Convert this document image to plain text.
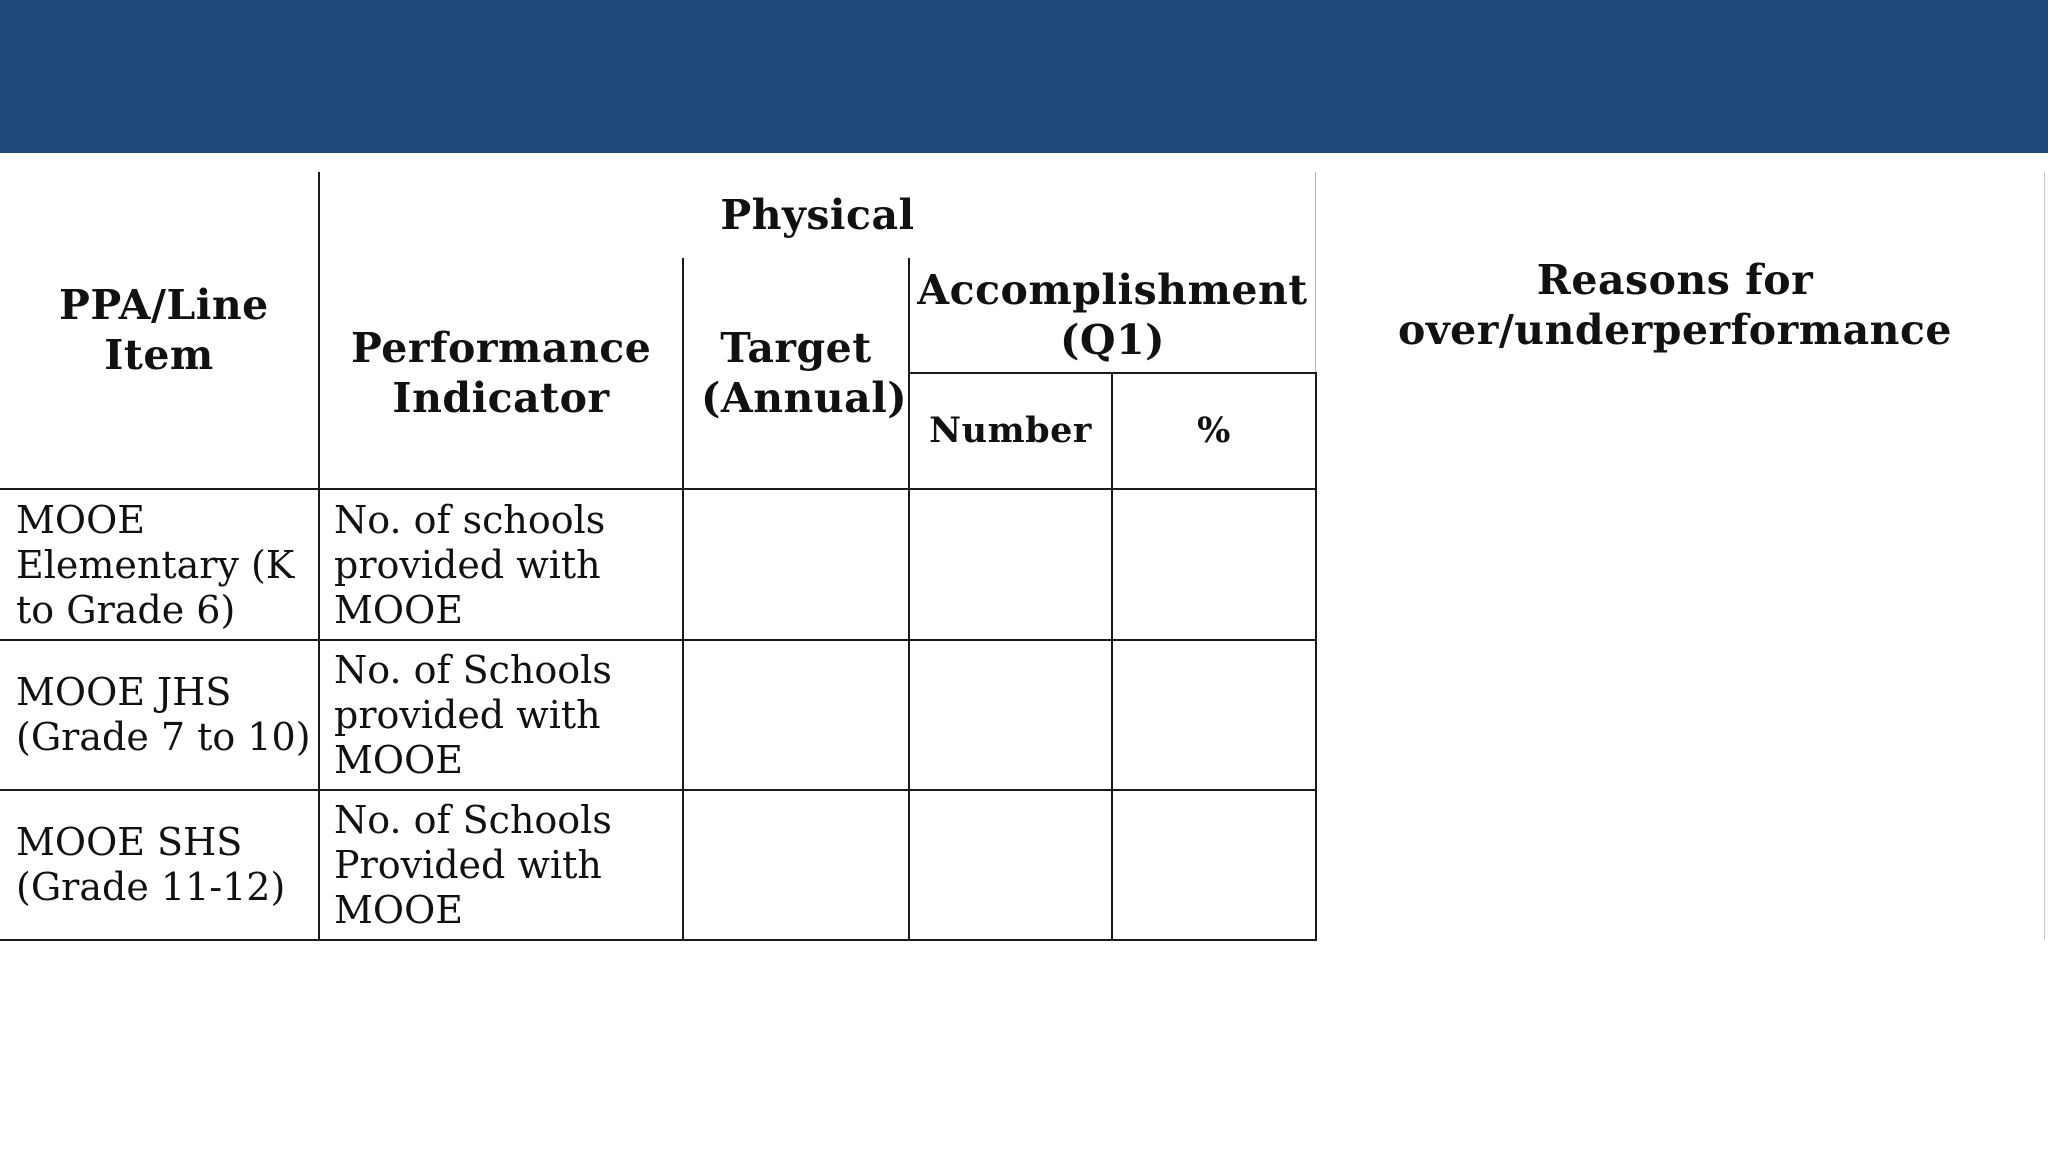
PPA/Line Item
Physical
Performance Indicator
Target (Annual)
Accomplishment (Q1)
Number	%
Reasons for over/underperformance
MOOE
Elementary (K
to Grade 6)
No. of schools
provided with
MOOE
MOOE JHS
(Grade 7 to 10)
No. of Schools
provided with
MOOE
MOOE SHS
(Grade 11-12)
No. of Schools
Provided with
MOOE
